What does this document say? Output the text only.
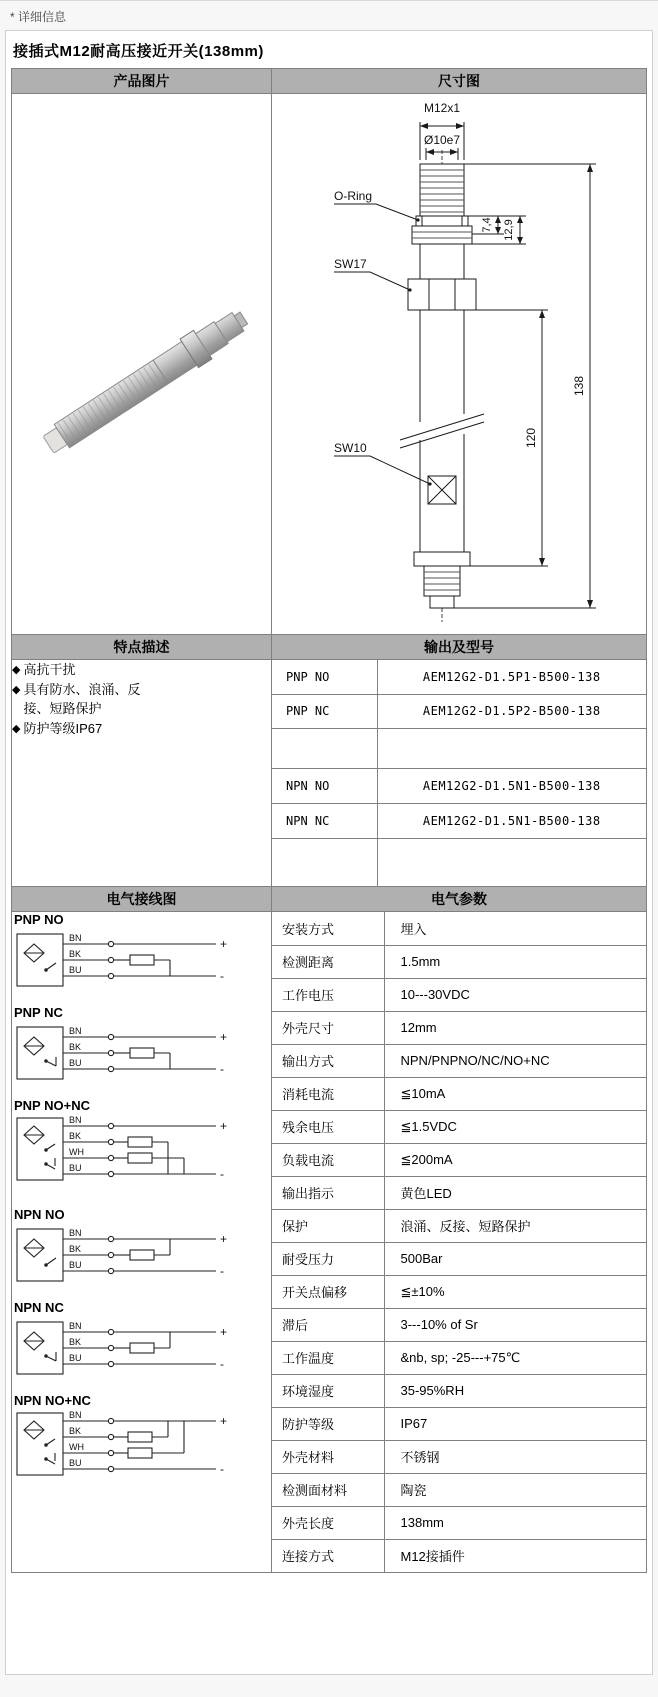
* 详细信息
接插式M12耐高压接近开关(138mm)
产品图片	尺寸图

M12x1
Ø10e7
O-Ring
SW17
SW10
7,4 12,9
120
138

特点描述	输出及型号

◆ 高抗干扰
◆ 具有防水、浪涌、反接、短路保护
◆ 防护等级IP67

PNP NO	AEM12G2-D1.5P1-B500-138
PNP NC	AEM12G2-D1.5P2-B500-138

NPN NO	AEM12G2-D1.5N1-B500-138
NPN NC	AEM12G2-D1.5N1-B500-138

电气接线图	电气参数

PNP NO
BN
BK
BU
+
-
PNP NC
BN
BK
BU
+
-
PNP NO+NC
BN
BK
WH
BU
+
-
NPN NO
BN
BK
BU
+
-
NPN NC
BN
BK
BU
+
-
NPN NO+NC
BN
BK
WH
BU
+
-

安装方式	埋入
检测距离	1.5mm
工作电压	10---30VDC
外壳尺寸	12mm
输出方式	NPN/PNPNO/NC/NO+NC
消耗电流	≦10mA
残余电压	≦1.5VDC
负载电流	≦200mA
输出指示	黄色LED
保护	浪涌、反接、短路保护
耐受压力	500Bar
开关点偏移	≦±10%
滞后	3---10% of Sr
工作温度	&nb, sp; -25---+75℃
环境湿度	35-95%RH
防护等级	IP67
外壳材料	不锈钢
检测面材料	陶瓷
外壳长度	138mm
连接方式	M12接插件
